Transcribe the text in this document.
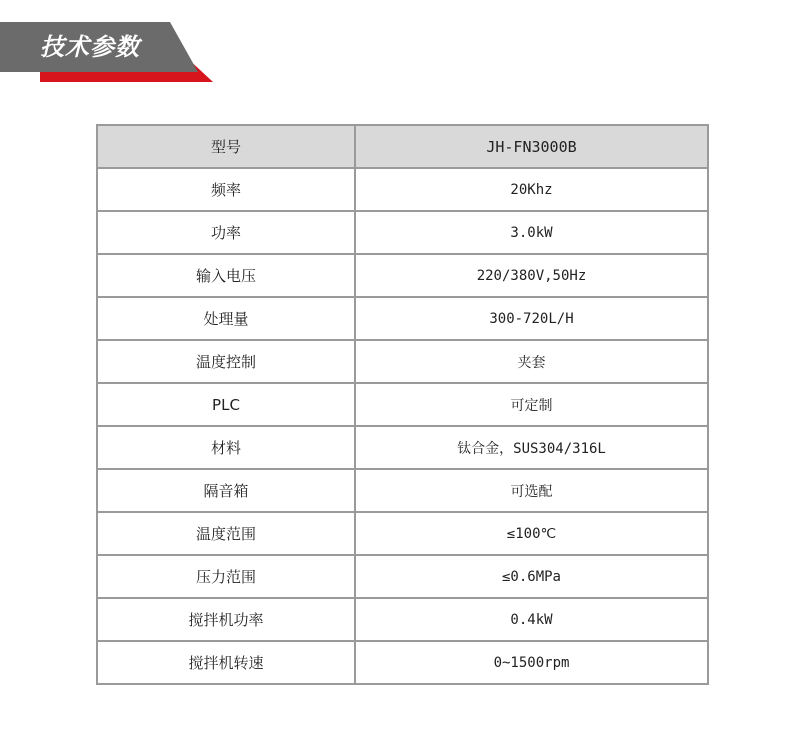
技术参数
型号	JH-FN3000B
频率	20Khz
功率	3.0kW
输入电压	220/380V,50Hz
处理量	300-720L/H
温度控制	夹套
PLC	可定制
材料	钛合金，SUS304/316L
隔音箱	可选配
温度范围	≤100℃
压力范围	≤0.6MPa
搅拌机功率	0.4kW
搅拌机转速	0~1500rpm
